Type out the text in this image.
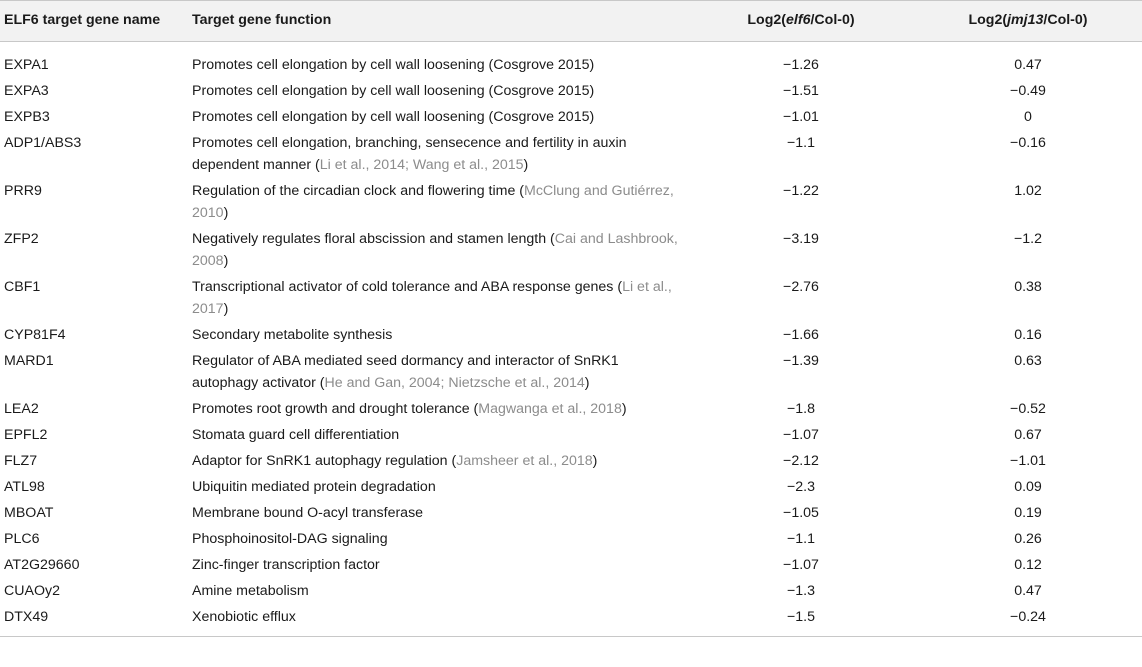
ELF6 target gene name	Target gene function	Log2(elf6/Col-0)	Log2(jmj13/Col-0)
EXPA1	Promotes cell elongation by cell wall loosening (Cosgrove 2015)	−1.26	0.47
EXPA3	Promotes cell elongation by cell wall loosening (Cosgrove 2015)	−1.51	−0.49
EXPB3	Promotes cell elongation by cell wall loosening (Cosgrove 2015)	−1.01	0
ADP1/ABS3	Promotes cell elongation, branching, sensecence and fertility in auxin dependent manner (Li et al., 2014; Wang et al., 2015)	−1.1	−0.16
PRR9	Regulation of the circadian clock and flowering time (McClung and Gutiérrez, 2010)	−1.22	1.02
ZFP2	Negatively regulates floral abscission and stamen length (Cai and Lashbrook, 2008)	−3.19	−1.2
CBF1	Transcriptional activator of cold tolerance and ABA response genes (Li et al., 2017)	−2.76	0.38
CYP81F4	Secondary metabolite synthesis	−1.66	0.16
MARD1	Regulator of ABA mediated seed dormancy and interactor of SnRK1 autophagy activator (He and Gan, 2004; Nietzsche et al., 2014)	−1.39	0.63
LEA2	Promotes root growth and drought tolerance (Magwanga et al., 2018)	−1.8	−0.52
EPFL2	Stomata guard cell differentiation	−1.07	0.67
FLZ7	Adaptor for SnRK1 autophagy regulation (Jamsheer et al., 2018)	−2.12	−1.01
ATL98	Ubiquitin mediated protein degradation	−2.3	0.09
MBOAT	Membrane bound O-acyl transferase	−1.05	0.19
PLC6	Phosphoinositol-DAG signaling	−1.1	0.26
AT2G29660	Zinc-finger transcription factor	−1.07	0.12
CUAOy2	Amine metabolism	−1.3	0.47
DTX49	Xenobiotic efflux	−1.5	−0.24
